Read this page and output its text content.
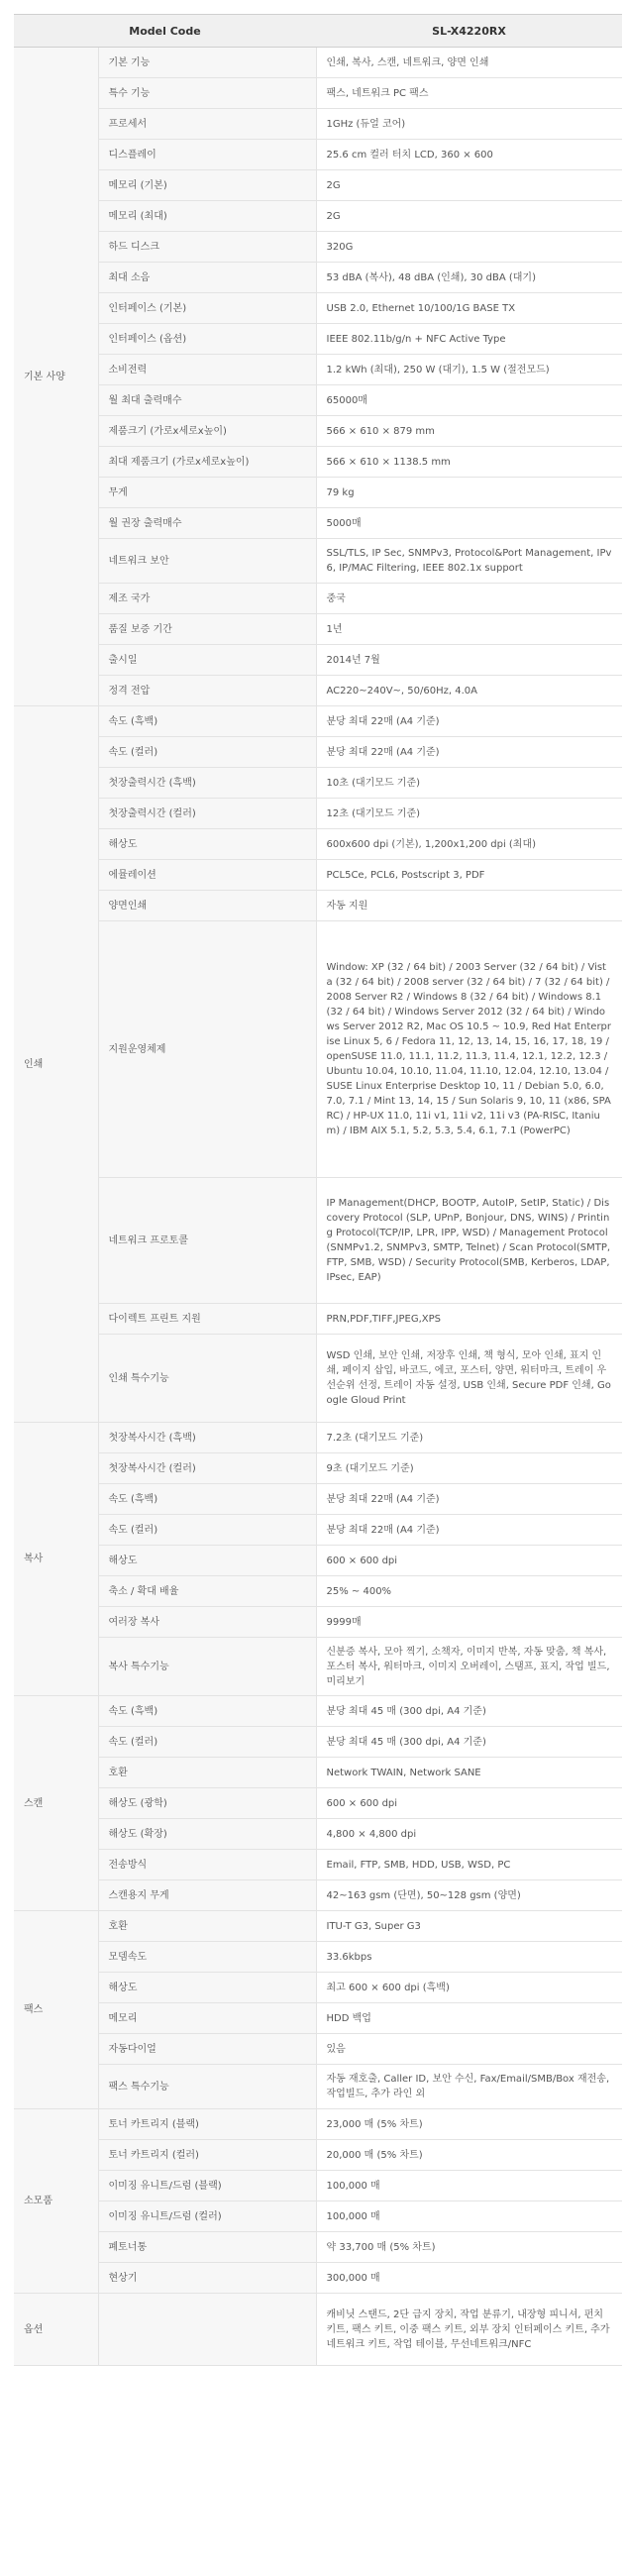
Model Code		SL-X4220RX
기본 사양	기본 기능	인쇄, 복사, 스캔, 네트워크, 양면 인쇄
	특수 기능	팩스, 네트워크 PC 팩스
	프로세서	1GHz (듀얼 코어)
	디스플레이	25.6 cm 컬러 터치 LCD, 360 × 600
	메모리 (기본)	2G
	메모리 (최대)	2G
	하드 디스크	320G
	최대 소음	53 dBA (복사), 48 dBA (인쇄), 30 dBA (대기)
	인터페이스 (기본)	USB 2.0, Ethernet 10/100/1G BASE TX
	인터페이스 (옵션)	IEEE 802.11b/g/n + NFC Active Type
	소비전력	1.2 kWh (최대), 250 W (대기), 1.5 W (절전모드)
	월 최대 출력매수	65000매
	제품크기 (가로x세로x높이)	566 × 610 × 879 mm
	최대 제품크기 (가로x세로x높이)	566 × 610 × 1138.5 mm
	무게	79 kg
	월 권장 출력매수	5000매
	네트워크 보안	SSL/TLS, IP Sec, SNMPv3, Protocol&Port Management, IPv6, IP/MAC Filtering, IEEE 802.1x support
	제조 국가	중국
	품질 보증 기간	1년
	출시일	2014년 7월
	정격 전압	AC220~240V~, 50/60Hz, 4.0A
인쇄	속도 (흑백)	분당 최대 22매 (A4 기준)
	속도 (컬러)	분당 최대 22매 (A4 기준)
	첫장출력시간 (흑백)	10초 (대기모드 기준)
	첫장출력시간 (컬러)	12초 (대기모드 기준)
	해상도	600x600 dpi (기본), 1,200x1,200 dpi (최대)
	에뮬레이션	PCL5Ce, PCL6, Postscript 3, PDF
	양면인쇄	자동 지원
	지원운영체제	Window: XP (32 / 64 bit) / 2003 Server (32 / 64 bit) / Vista (32 / 64 bit) / 2008 server (32 / 64 bit) / 7 (32 / 64 bit) / 2008 Server R2 / Windows 8 (32 / 64 bit) / Windows 8.1 (32 / 64 bit) / Windows Server 2012 (32 / 64 bit) / Windows Server 2012 R2, Mac OS 10.5 ~ 10.9, Red Hat Enterprise Linux 5, 6 / Fedora 11, 12, 13, 14, 15, 16, 17, 18, 19 / openSUSE 11.0, 11.1, 11.2, 11.3, 11.4, 12.1, 12.2, 12.3 / Ubuntu 10.04, 10.10, 11.04, 11.10, 12.04, 12.10, 13.04 / SUSE Linux Enterprise Desktop 10, 11 / Debian 5.0, 6.0, 7.0, 7.1 / Mint 13, 14, 15 / Sun Solaris 9, 10, 11 (x86, SPARC) / HP-UX 11.0, 11i v1, 11i v2, 11i v3 (PA-RISC, Itanium) / IBM AIX 5.1, 5.2, 5.3, 5.4, 6.1, 7.1 (PowerPC)
	네트워크 프로토콜	IP Management(DHCP, BOOTP, AutoIP, SetIP, Static) / Discovery Protocol (SLP, UPnP, Bonjour, DNS, WINS) / Printing Protocol(TCP/IP, LPR, IPP, WSD) / Management Protocol(SNMPv1.2, SNMPv3, SMTP, Telnet) / Scan Protocol(SMTP, FTP, SMB, WSD) / Security Protocol(SMB, Kerberos, LDAP, IPsec, EAP)
	다이렉트 프린트 지원	PRN,PDF,TIFF,JPEG,XPS
	인쇄 특수기능	WSD 인쇄, 보안 인쇄, 저장후 인쇄, 책 형식, 모아 인쇄, 표지 인쇄, 페이지 삽입, 바코드, 에코, 포스터, 양면, 워터마크, 트레이 우선순위 선정, 트레이 자동 설정, USB 인쇄, Secure PDF 인쇄, Google Gloud Print
복사	첫장복사시간 (흑백)	7.2초 (대기모드 기준)
	첫장복사시간 (컬러)	9초 (대기모드 기준)
	속도 (흑백)	분당 최대 22매 (A4 기준)
	속도 (컬러)	분당 최대 22매 (A4 기준)
	해상도	600 × 600 dpi
	축소 / 확대 배율	25% ~ 400%
	여러장 복사	9999매
	복사 특수기능	신분증 복사, 모아 찍기, 소책자, 이미지 반복, 자동 맞춤, 책 복사, 포스터 복사, 워터마크, 이미지 오버레이, 스탬프, 표지, 작업 빌드, 미리보기
스캔	속도 (흑백)	분당 최대 45 매 (300 dpi, A4 기준)
	속도 (컬러)	분당 최대 45 매 (300 dpi, A4 기준)
	호환	Network TWAIN, Network SANE
	해상도 (광학)	600 × 600 dpi
	해상도 (확장)	4,800 × 4,800 dpi
	전송방식	Email, FTP, SMB, HDD, USB, WSD, PC
	스캔용지 무게	42~163 gsm (단면), 50~128 gsm (양면)
팩스	호환	ITU-T G3, Super G3
	모뎀속도	33.6kbps
	해상도	최고 600 × 600 dpi (흑백)
	메모리	HDD 백업
	자동다이얼	있음
	팩스 특수기능	자동 재호출, Caller ID, 보안 수신, Fax/Email/SMB/Box 재전송, 작업빌드, 추가 라인 외
소모품	토너 카트리지 (블랙)	23,000 매 (5% 차트)
	토너 카트리지 (컬러)	20,000 매 (5% 차트)
	이미징 유니트/드럼 (블랙)	100,000 매
	이미징 유니트/드럼 (컬러)	100,000 매
	폐토너통	약 33,700 매 (5% 차트)
	현상기	300,000 매
옵션		캐비닛 스탠드, 2단 급지 장치, 작업 분류기, 내장형 피니셔, 펀치 키트, 팩스 키트, 이중 팩스 키트, 외부 장치 인터페이스 키트, 추가 네트워크 키트, 작업 테이블, 무선네트워크/NFC
